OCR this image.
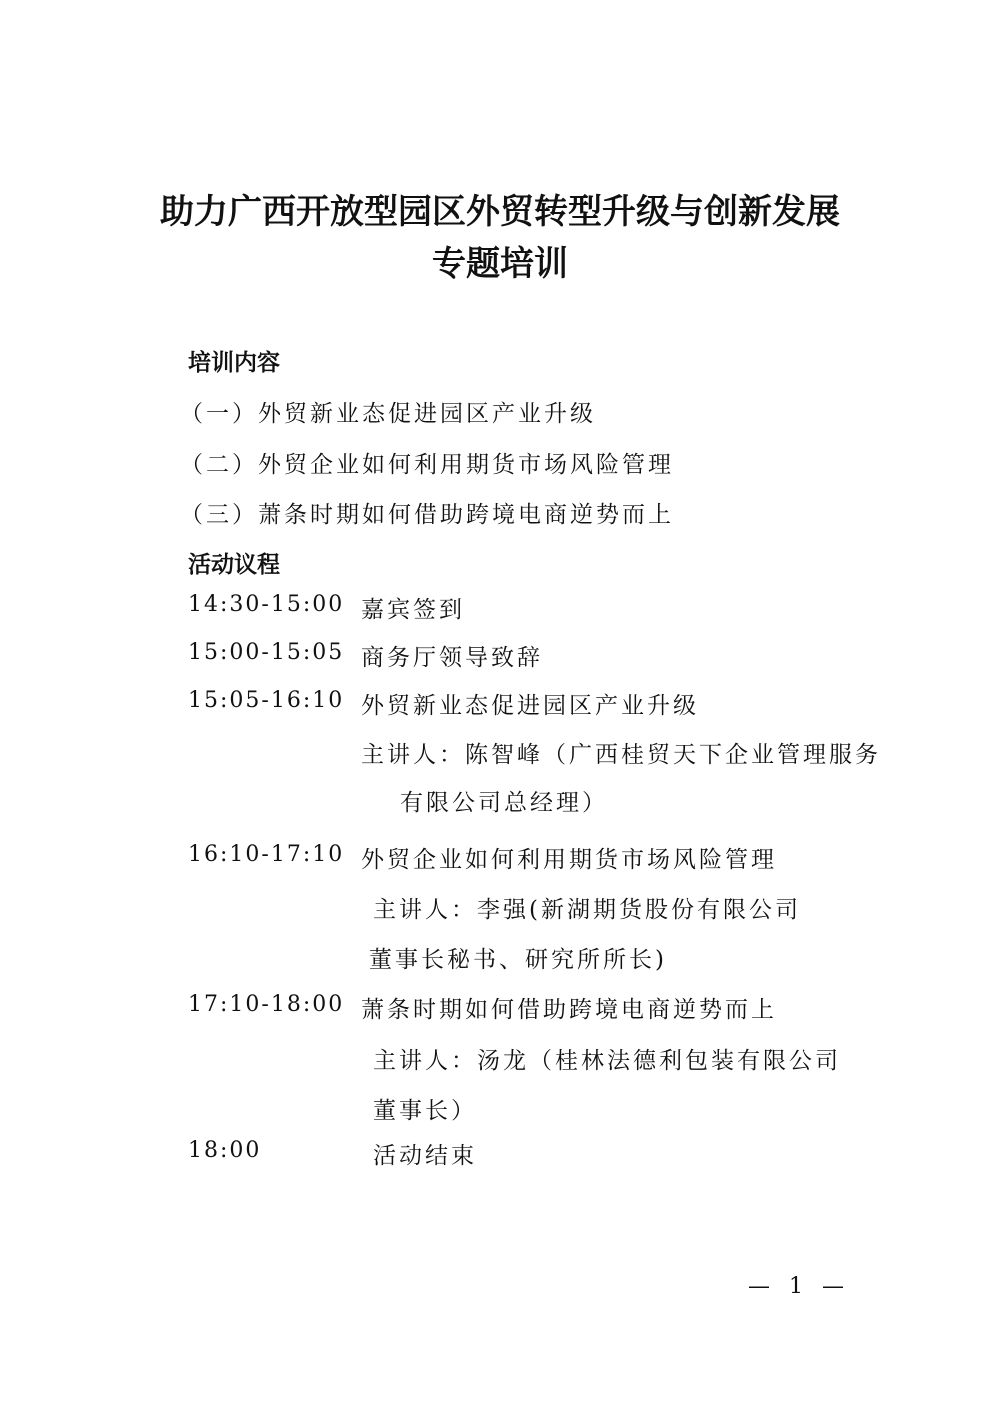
助力广西开放型园区外贸转型升级与创新发展
专题培训
培训内容
（一）外贸新业态促进园区产业升级
（二）外贸企业如何利用期货市场风险管理
（三）萧条时期如何借助跨境电商逆势而上
活动议程
14:30-15:00 嘉宾签到
15:00-15:05 商务厅领导致辞
15:05-16:10 外贸新业态促进园区产业升级
主讲人：陈智峰（广西桂贸天下企业管理服务
有限公司总经理）
16:10-17:10 外贸企业如何利用期货市场风险管理
主讲人：李强(新湖期货股份有限公司
董事长秘书、研究所所长)
17:10-18:00 萧条时期如何借助跨境电商逆势而上
主讲人：汤龙（桂林法德利包装有限公司
董事长）
18:00	活动结束
— 1 —
